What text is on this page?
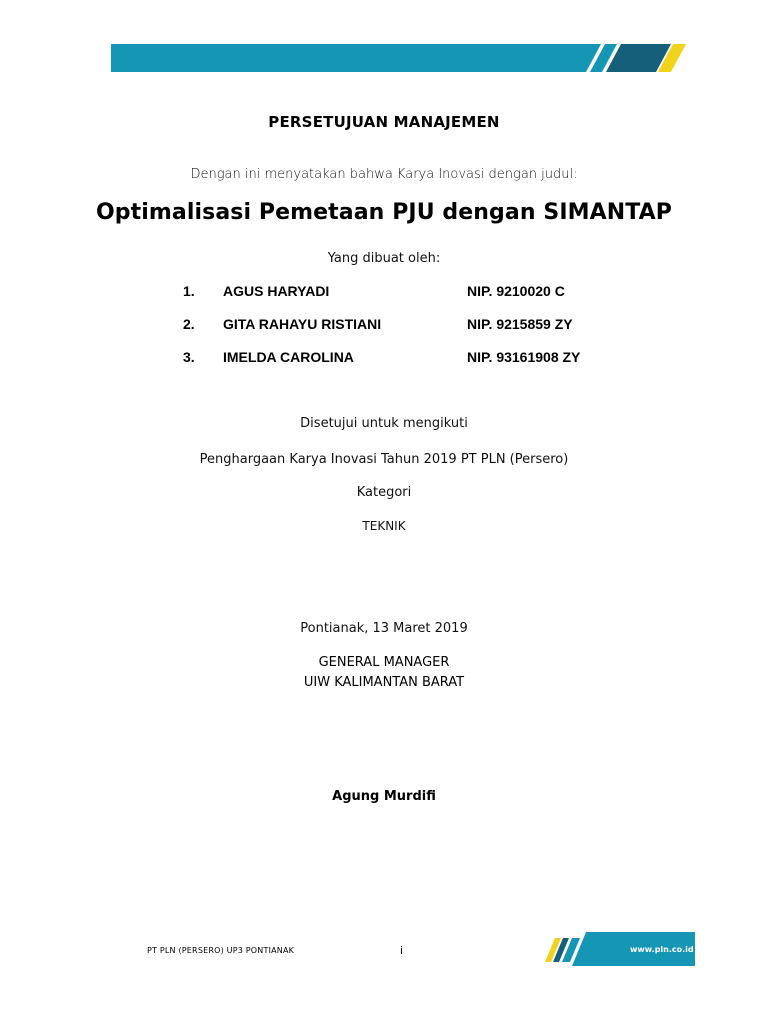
PERSETUJUAN MANAJEMEN
Dengan ini menyatakan bahwa Karya Inovasi dengan judul:
Optimalisasi Pemetaan PJU dengan SIMANTAP
Yang dibuat oleh:
1. AGUS HARYADI	NIP. 9210020 C
2. GITA RAHAYU RISTIANI	NIP. 9215859 ZY
3. IMELDA CAROLINA	NIP. 93161908 ZY
Disetujui untuk mengikuti
Penghargaan Karya Inovasi Tahun 2019 PT PLN (Persero)
Kategori
TEKNIK
Pontianak, 13 Maret 2019
GENERAL MANAGER
UIW KALIMANTAN BARAT
Agung Murdifi
PT PLN (PERSERO) UP3 PONTIANAK	i	www.pln.co.id
